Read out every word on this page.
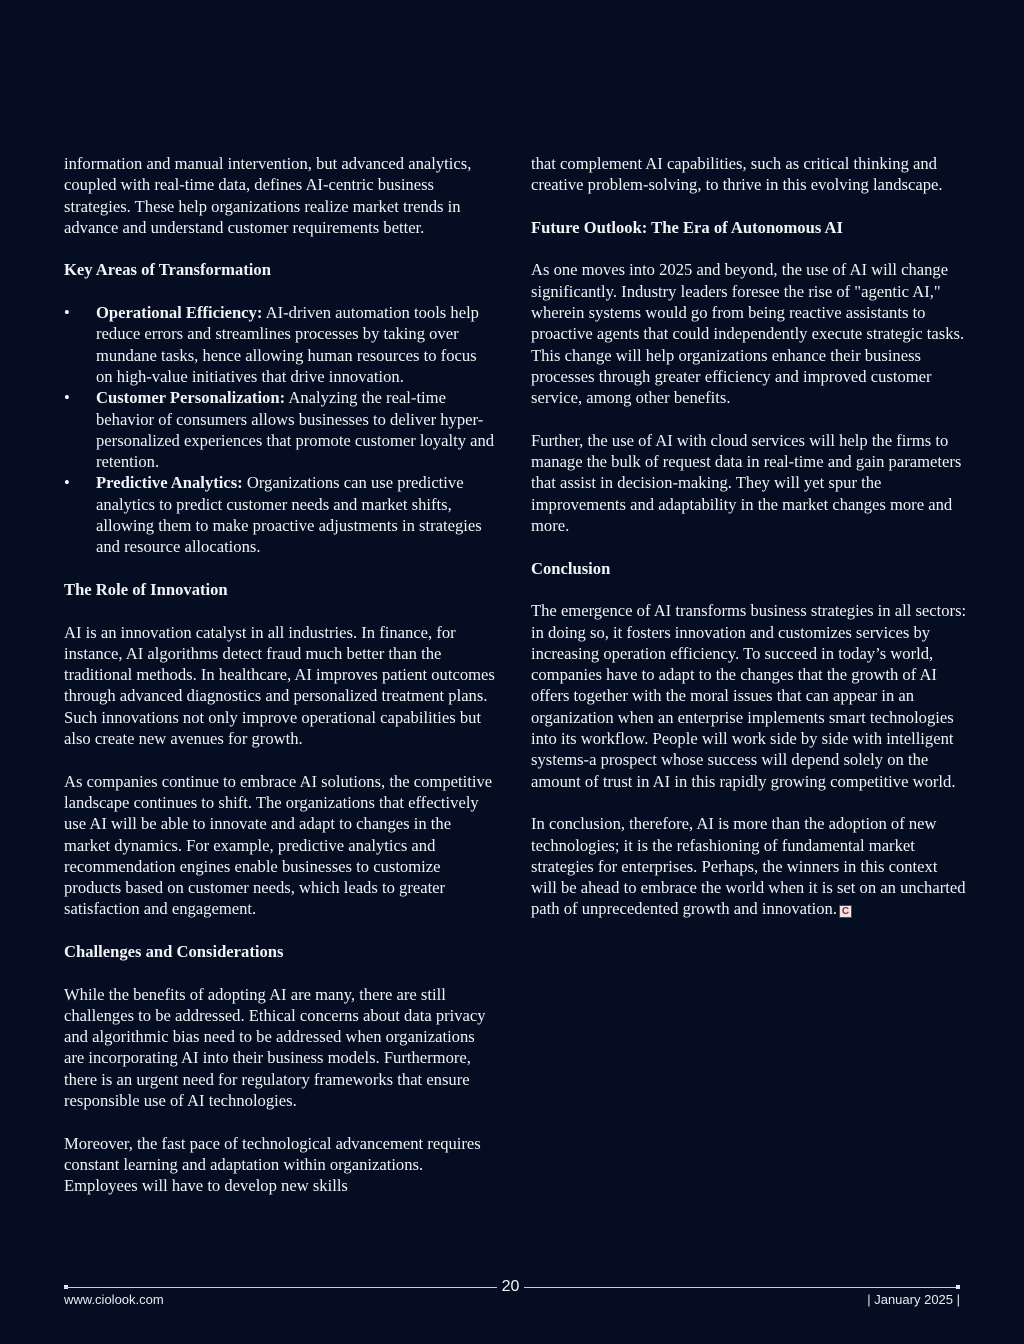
information and manual intervention, but advanced analytics, coupled with real-time data, defines AI-centric business strategies. These help organizations realize market trends in advance and understand customer requirements better.

Key Areas of Transformation
• Operational Efficiency: AI-driven automation tools help reduce errors and streamlines processes by taking over mundane tasks, hence allowing human resources to focus on high-value initiatives that drive innovation.
• Customer Personalization: Analyzing the real-time behavior of consumers allows businesses to deliver hyper-personalized experiences that promote customer loyalty and retention.
• Predictive Analytics: Organizations can use predictive analytics to predict customer needs and market shifts, allowing them to make proactive adjustments in strategies and resource allocations.
The Role of Innovation

AI is an innovation catalyst in all industries. In finance, for instance, AI algorithms detect fraud much better than the traditional methods. In healthcare, AI improves patient outcomes through advanced diagnostics and personalized treatment plans. Such innovations not only improve operational capabilities but also create new avenues for growth.

As companies continue to embrace AI solutions, the competitive landscape continues to shift. The organizations that effectively use AI will be able to innovate and adapt to changes in the market dynamics. For example, predictive analytics and recommendation engines enable businesses to customize products based on customer needs, which leads to greater satisfaction and engagement.

Challenges and Considerations

While the benefits of adopting AI are many, there are still challenges to be addressed. Ethical concerns about data privacy and algorithmic bias need to be addressed when organizations are incorporating AI into their business models. Furthermore, there is an urgent need for regulatory frameworks that ensure responsible use of AI technologies.

Moreover, the fast pace of technological advancement requires constant learning and adaptation within organizations. Employees will have to develop new skills

that complement AI capabilities, such as critical thinking and creative problem-solving, to thrive in this evolving landscape.

Future Outlook: The Era of Autonomous AI

As one moves into 2025 and beyond, the use of AI will change significantly. Industry leaders foresee the rise of "agentic AI," wherein systems would go from being reactive assistants to proactive agents that could independently execute strategic tasks. This change will help organizations enhance their business processes through greater efficiency and improved customer service, among other benefits.

Further, the use of AI with cloud services will help the firms to manage the bulk of request data in real-time and gain parameters that assist in decision-making. They will yet spur the improvements and adaptability in the market changes more and more.

Conclusion

The emergence of AI transforms business strategies in all sectors: in doing so, it fosters innovation and customizes services by increasing operation efficiency. To succeed in today’s world, companies have to adapt to the changes that the growth of AI offers together with the moral issues that can appear in an organization when an enterprise implements smart technologies into its workflow. People will work side by side with intelligent systems-a prospect whose success will depend solely on the amount of trust in AI in this rapidly growing competitive world.

In conclusion, therefore, AI is more than the adoption of new technologies; it is the refashioning of fundamental market strategies for enterprises. Perhaps, the winners in this context will be ahead to embrace the world when it is set on an uncharted path of unprecedented growth and innovation. C

20
www.ciolook.com	| January 2025 |
